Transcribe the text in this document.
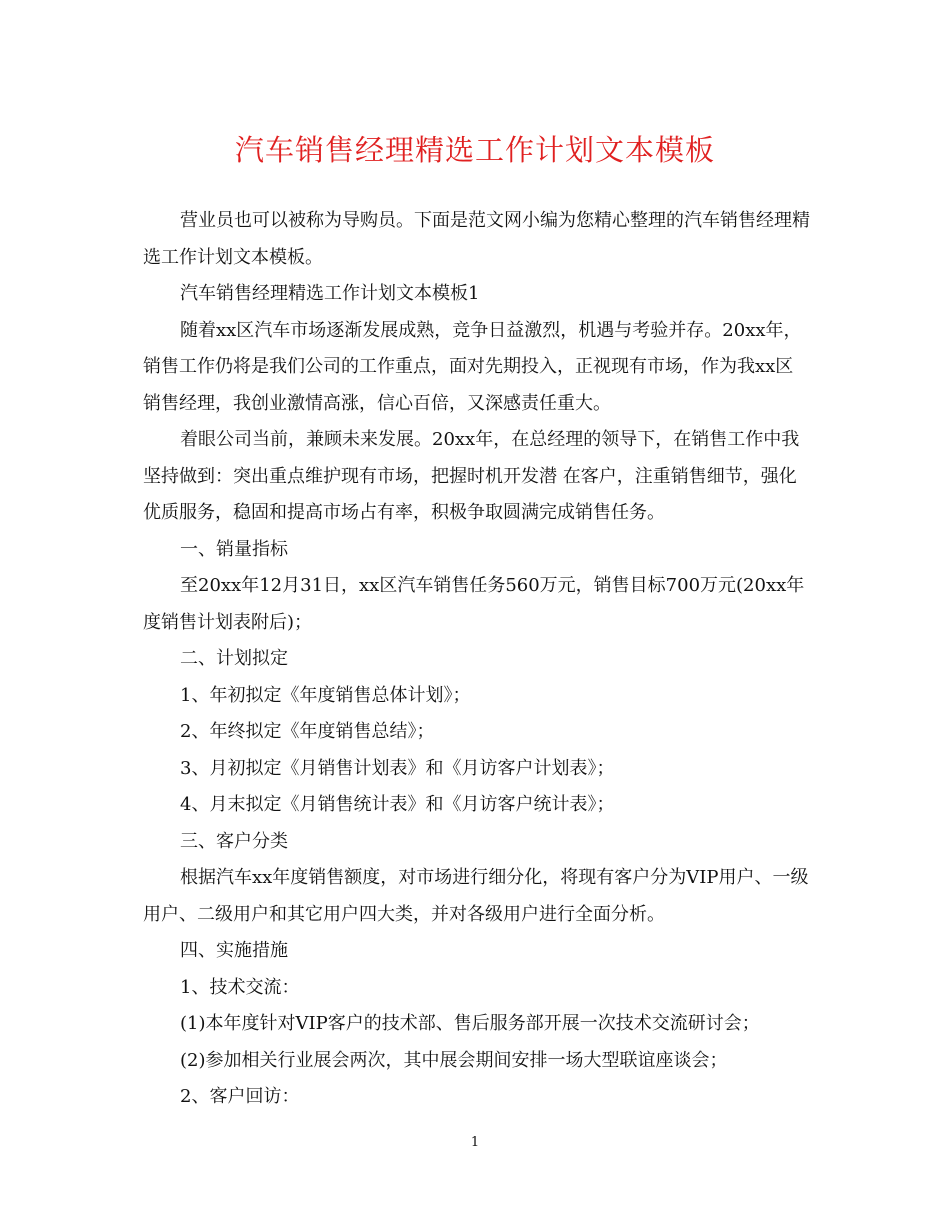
汽车销售经理精选工作计划文本模板

营业员也可以被称为导购员。下面是范文网小编为您精心整理的汽车销售经理精选工作计划文本模板。

汽车销售经理精选工作计划文本模板1

随着xx区汽车市场逐渐发展成熟，竞争日益激烈，机遇与考验并存。20xx年，销售工作仍将是我们公司的工作重点，面对先期投入，正视现有市场，作为我xx区销售经理，我创业激情高涨，信心百倍，又深感责任重大。

着眼公司当前，兼顾未来发展。20xx年，在总经理的领导下，在销售工作中我坚持做到：突出重点维护现有市场，把握时机开发潜 在客户，注重销售细节，强化优质服务，稳固和提高市场占有率，积极争取圆满完成销售任务。

一、销量指标

至20xx年12月31日，xx区汽车销售任务560万元，销售目标700万元(20xx年度销售计划表附后)；

二、计划拟定

1、年初拟定《年度销售总体计划》；

2、年终拟定《年度销售总结》；

3、月初拟定《月销售计划表》和《月访客户计划表》；

4、月末拟定《月销售统计表》和《月访客户统计表》；

三、客户分类

根据汽车xx年度销售额度，对市场进行细分化，将现有客户分为VIP用户、一级用户、二级用户和其它用户四大类，并对各级用户进行全面分析。

四、实施措施

1、技术交流：

(1)本年度针对VIP客户的技术部、售后服务部开展一次技术交流研讨会；

(2)参加相关行业展会两次，其中展会期间安排一场大型联谊座谈会；

2、客户回访：

1
